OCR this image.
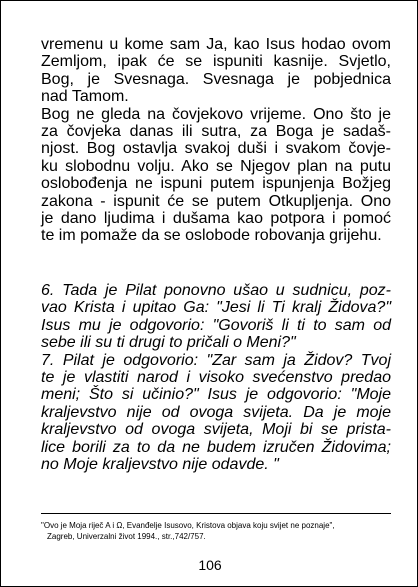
vremenu u kome sam Ja, kao Isus hodao ovom
Zemljom, ipak će se ispuniti kasnije. Svjetlo,
Bog, je Svesnaga. Svesnaga je pobjednica
nad Tamom.
Bog ne gleda na čovjekovo vrijeme. Ono što je
za čovjeka danas ili sutra, za Boga je sadaš-
njost. Bog ostavlja svakoj duši i svakom čovje-
ku slobodnu volju. Ako se Njegov plan na putu
oslobođenja ne ispuni putem ispunjenja Božjeg
zakona - ispunit će se putem Otkupljenja. Ono
je dano ljudima i dušama kao potpora i pomoć
te im pomaže da se oslobode robovanja grijehu.
6. Tada je Pilat ponovno ušao u sudnicu, poz-
vao Krista i upitao Ga: "Jesi li Ti kralj Židova?"
Isus mu je odgovorio: "Govoriš li ti to sam od
sebe ili su ti drugi to pričali o Meni?"
7. Pilat je odgovorio: "Zar sam ja Židov? Tvoj
te je vlastiti narod i visoko svećenstvo predao
meni; Što si učinio?" Isus je odgovorio: "Moje
kraljevstvo nije od ovoga svijeta. Da je moje
kraljevstvo od ovoga svijeta, Moji bi se prista-
lice borili za to da ne budem izručen Židovima;
no Moje kraljevstvo nije odavde. "
"Ovo je Moja riječ A i Ω, Evanđelje Isusovo, Kristova objava koju svijet ne poznaje",
Zagreb, Univerzalni život 1994., str.,742/757.
106
